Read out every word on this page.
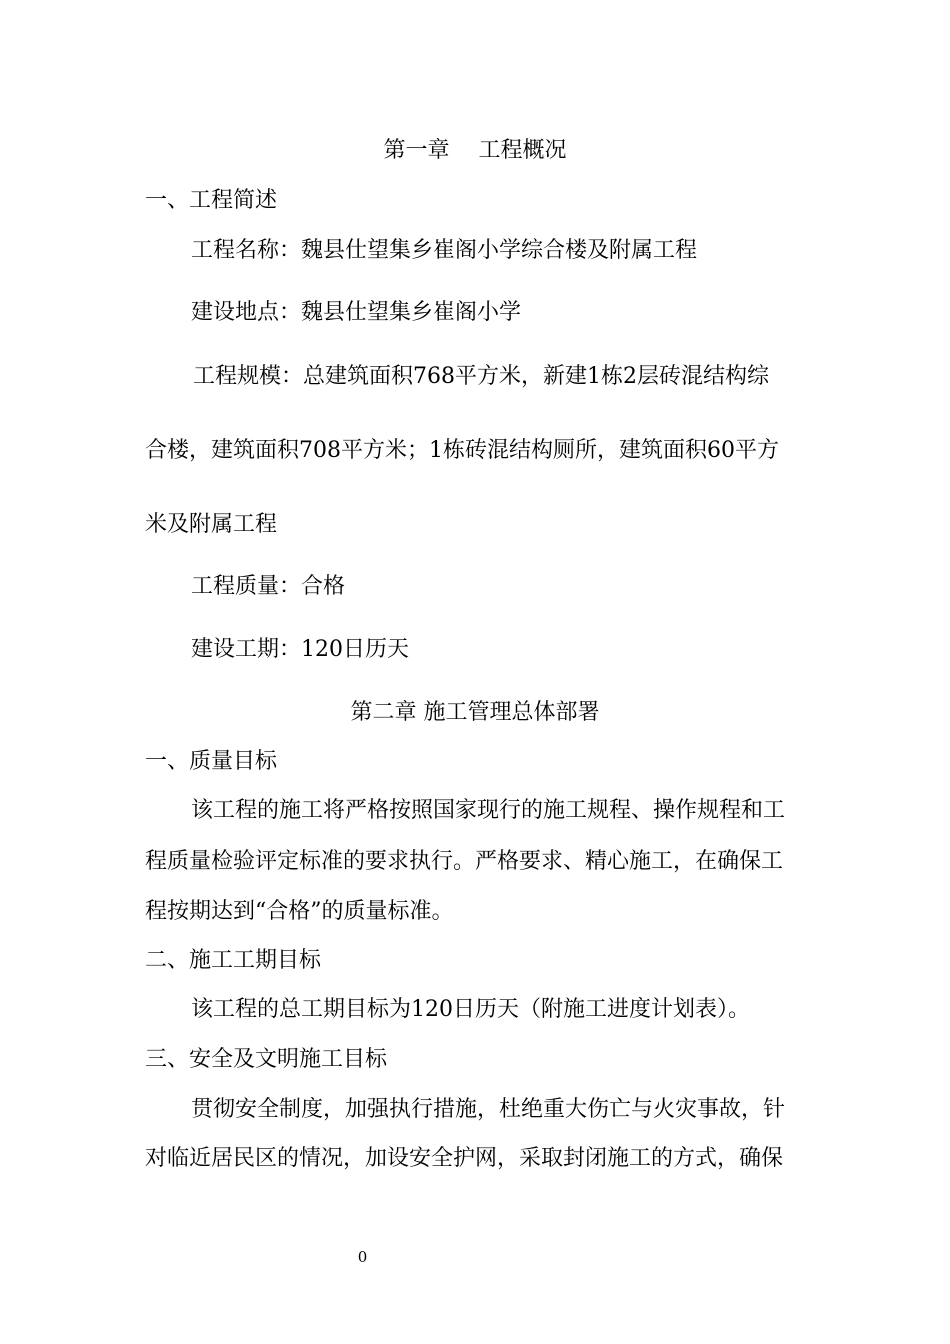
第一章　 工程概况
一、工程简述
工程名称：魏县仕望集乡崔阁小学综合楼及附属工程
建设地点：魏县仕望集乡崔阁小学
工程规模：总建筑面积768平方米，新建1栋2层砖混结构综
合楼，建筑面积708平方米；1栋砖混结构厕所，建筑面积60平方
米及附属工程
工程质量：合格
建设工期：120日历天
第二章 施工管理总体部署
一、质量目标
该工程的施工将严格按照国家现行的施工规程、操作规程和工
程质量检验评定标准的要求执行。严格要求、精心施工，在确保工
程按期达到“合格”的质量标准。
二、施工工期目标
该工程的总工期目标为120日历天（附施工进度计划表）。
三、安全及文明施工目标
贯彻安全制度，加强执行措施，杜绝重大伤亡与火灾事故，针
对临近居民区的情况，加设安全护网，采取封闭施工的方式，确保
0
